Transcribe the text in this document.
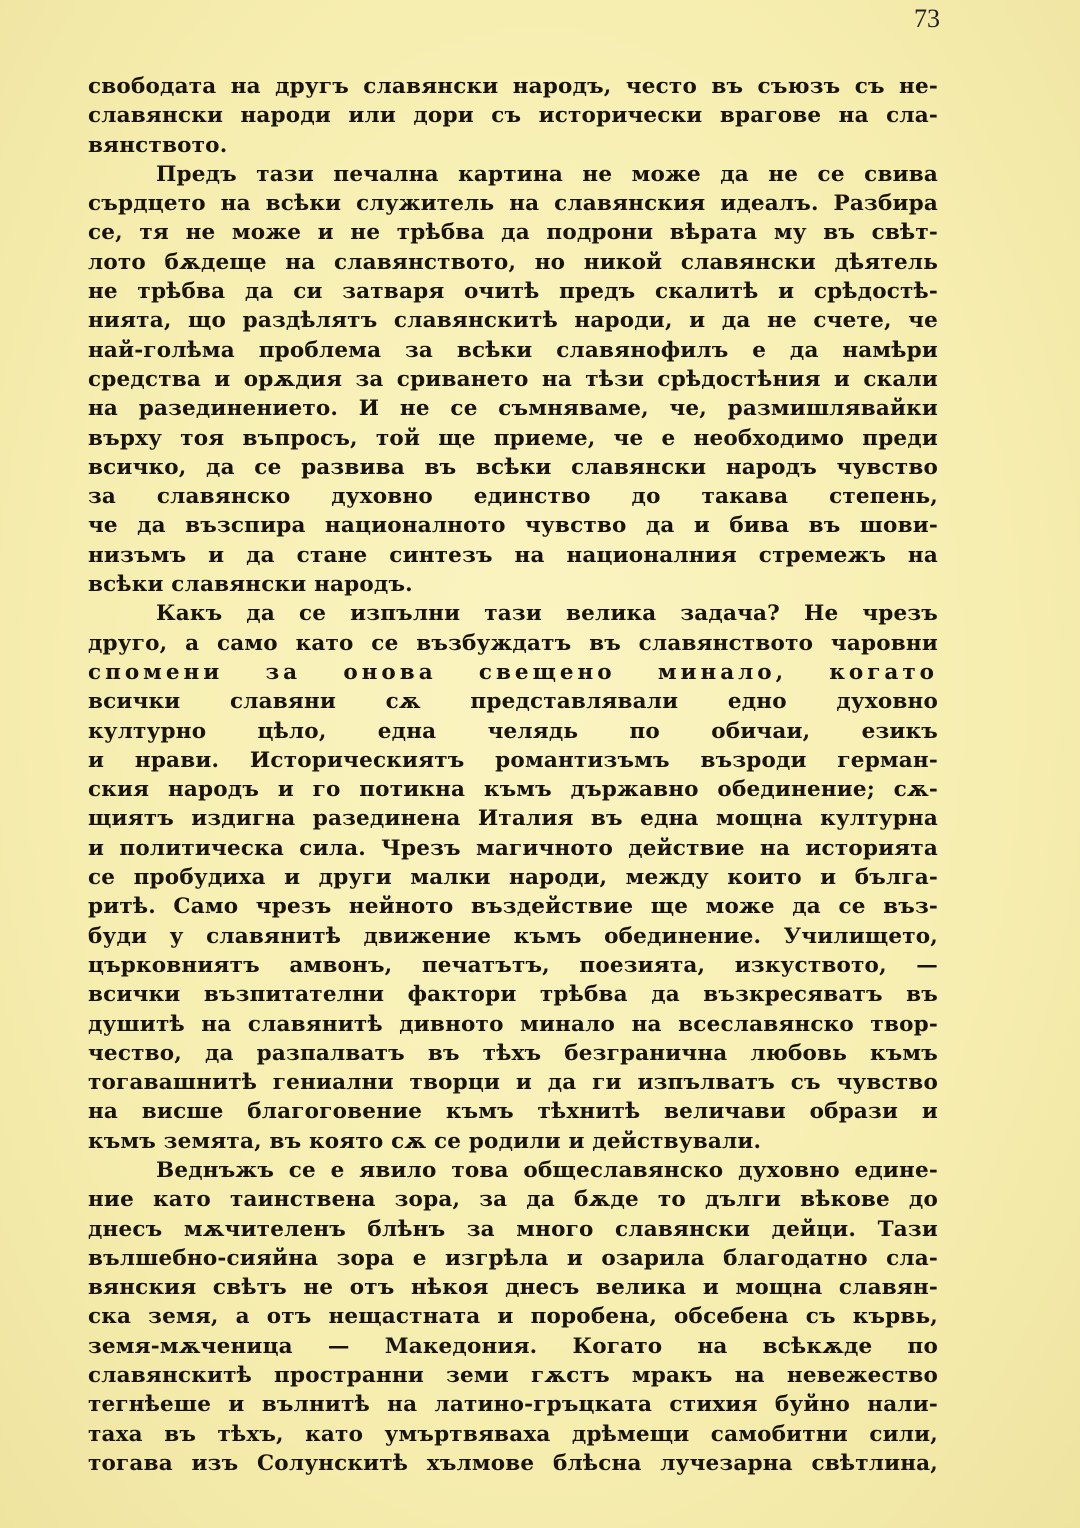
73
свободата на другъ славянски народъ, често въ съюзъ съ не-
славянски народи или дори съ исторически врагове на сла-
вянството.
Предъ тази печална картина не може да не се свива
сърдцето на всѣки служитель на славянския идеалъ. Разбира
се, тя не може и не трѣбва да подрони вѣрата му въ свѣт-
лото бѫдеще на славянството, но никой славянски дѣятель
не трѣбва да си затваря очитѣ предъ скалитѣ и срѣдостѣ-
нията, що раздѣлятъ славянскитѣ народи, и да не счете, че
най-голѣма проблема за всѣки славянофилъ е да намѣри
средства и орѫдия за сриването на тѣзи срѣдостѣния и скали
на разединението. И не се съмняваме, че, размишлявайки
върху тоя въпросъ, той ще приеме, че е необходимо преди
всичко, да се развива въ всѣки славянски народъ чувство
за славянско духовно единство до такава степень,
че да възспира националното чувство да и бива въ шови-
низъмъ и да стане синтезъ на националния стремежъ на
всѣки славянски народъ.
Какъ да се изпълни тази велика задача? Не чрезъ
друго, а само като се възбуждатъ въ славянството чаровни
спомени за онова свещено минало, когато
всички славяни сѫ представлявали едно духовно
културно цѣло, една челядь по обичаи, езикъ
и нрави. Историческиятъ романтизъмъ възроди герман-
ския народъ и го потикна къмъ държавно обединение; сѫ-
щиятъ издигна разединена Италия въ една мощна културна
и политическа сила. Чрезъ магичното действие на историята
се пробудиха и други малки народи, между които и бълга-
ритѣ. Само чрезъ нейното въздействие ще може да се въз-
буди у славянитѣ движение къмъ обединение. Училището,
църковниятъ амвонъ, печатътъ, поезията, изкуството, —
всички възпитателни фактори трѣбва да възкресяватъ въ
душитѣ на славянитѣ дивното минало на всеславянско твор-
чество, да разпалватъ въ тѣхъ безгранична любовь къмъ
тогавашнитѣ гениални творци и да ги изпълватъ съ чувство
на висше благоговение къмъ тѣхнитѣ величави образи и
къмъ земята, въ която сѫ се родили и действували.
Веднъжъ се е явило това общеславянско духовно едине-
ние като таинствена зора, за да бѫде то дълги вѣкове до
днесъ мѫчителенъ блѣнъ за много славянски дейци. Тази
вълшебно-сияйна зора е изгрѣла и озарила благодатно сла-
вянския свѣтъ не отъ нѣкоя днесъ велика и мощна славян-
ска земя, а отъ нещастната и поробена, обсебена съ кървь,
земя-мѫченица — Македония. Когато на всѣкѫде по
славянскитѣ пространни земи гѫстъ мракъ на невежество
тегнѣеше и вълнитѣ на латино-гръцката стихия буйно нали-
таха въ тѣхъ, като умъртвяваха дрѣмещи самобитни сили,
тогава изъ Солунскитѣ хълмове блѣсна лучезарна свѣтлина,
